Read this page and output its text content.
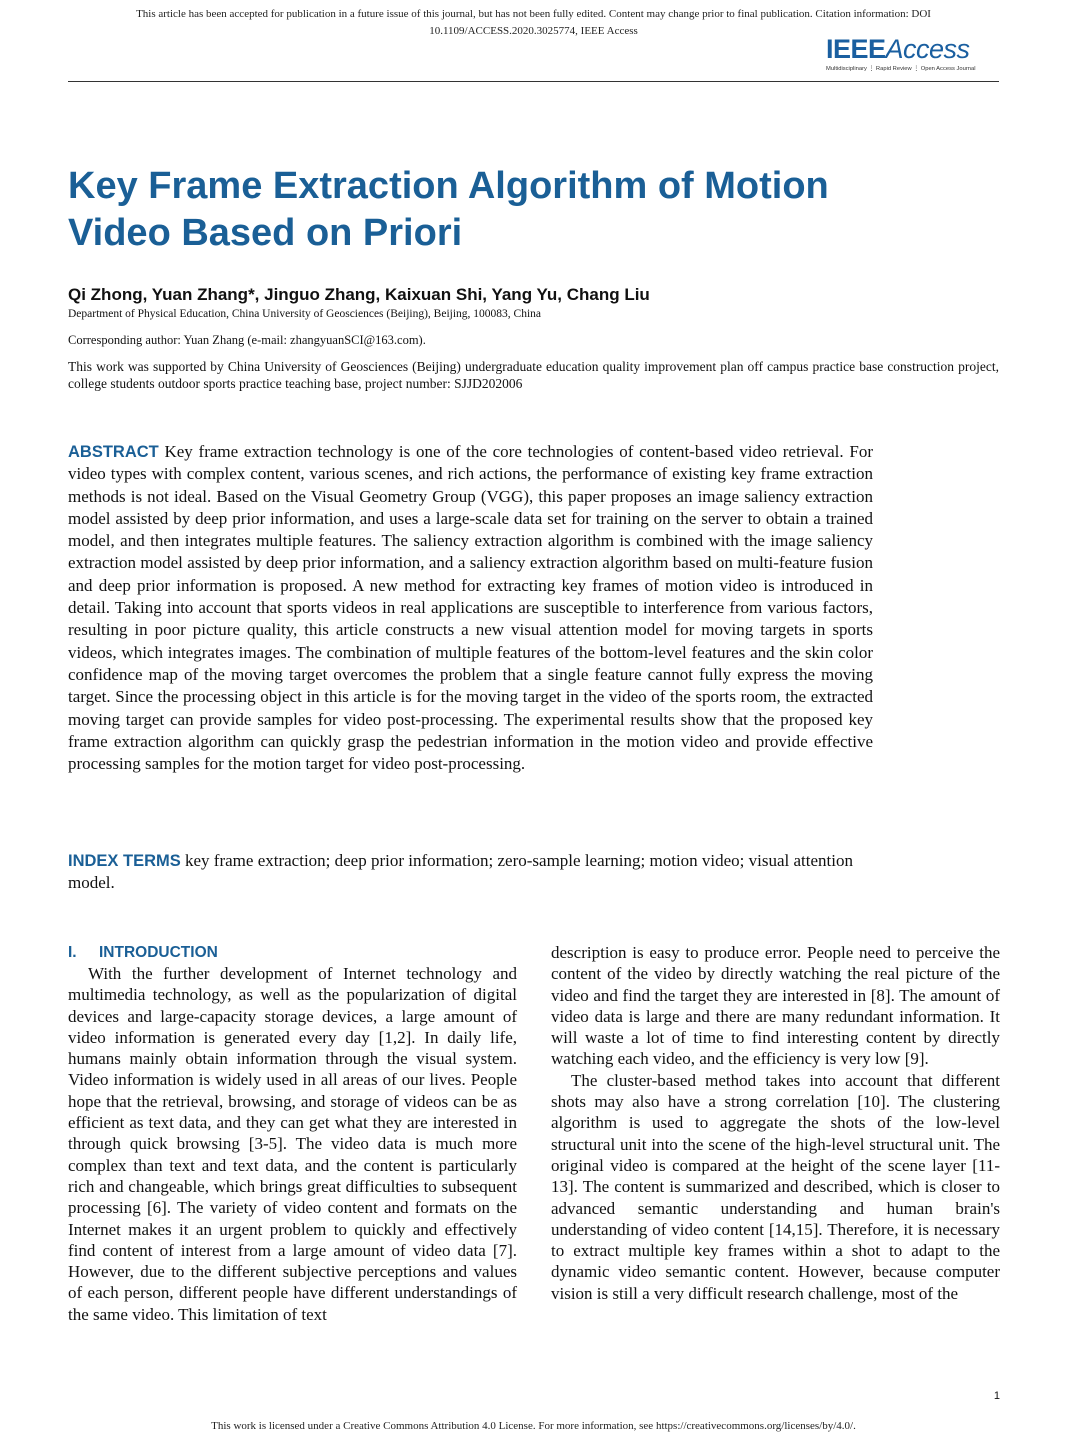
This article has been accepted for publication in a future issue of this journal, but has not been fully edited. Content may change prior to final publication. Citation information: DOI
10.1109/ACCESS.2020.3025774, IEEE Access
IEEEAccess
Multidisciplinary ⋮ Rapid Review ⋮ Open Access Journal
Key Frame Extraction Algorithm of Motion
Video Based on Priori
Qi Zhong, Yuan Zhang*, Jinguo Zhang, Kaixuan Shi, Yang Yu, Chang Liu
Department of Physical Education, China University of Geosciences (Beijing), Beijing, 100083, China
Corresponding author: Yuan Zhang (e-mail: zhangyuanSCI@163.com).
This work was supported by China University of Geosciences (Beijing) undergraduate education quality improvement plan off campus practice base construction project, college students outdoor sports practice teaching base, project number: SJJD202006
ABSTRACT Key frame extraction technology is one of the core technologies of content-based video retrieval. For video types with complex content, various scenes, and rich actions, the performance of existing key frame extraction methods is not ideal. Based on the Visual Geometry Group (VGG), this paper proposes an image saliency extraction model assisted by deep prior information, and uses a large-scale data set for training on the server to obtain a trained model, and then integrates multiple features. The saliency extraction algorithm is combined with the image saliency extraction model assisted by deep prior information, and a saliency extraction algorithm based on multi-feature fusion and deep prior information is proposed. A new method for extracting key frames of motion video is introduced in detail. Taking into account that sports videos in real applications are susceptible to interference from various factors, resulting in poor picture quality, this article constructs a new visual attention model for moving targets in sports videos, which integrates images. The combination of multiple features of the bottom-level features and the skin color confidence map of the moving target overcomes the problem that a single feature cannot fully express the moving target. Since the processing object in this article is for the moving target in the video of the sports room, the extracted moving target can provide samples for video post-processing. The experimental results show that the proposed key frame extraction algorithm can quickly grasp the pedestrian information in the motion video and provide effective processing samples for the motion target for video post-processing.
INDEX TERMS key frame extraction; deep prior information; zero-sample learning; motion video; visual attention model.
I. INTRODUCTION

With the further development of Internet technology and multimedia technology, as well as the popularization of digital devices and large-capacity storage devices, a large amount of video information is generated every day [1,2]. In daily life, humans mainly obtain information through the visual system. Video information is widely used in all areas of our lives. People hope that the retrieval, browsing, and storage of videos can be as efficient as text data, and they can get what they are interested in through quick browsing [3-5]. The video data is much more complex than text and text data, and the content is particularly rich and changeable, which brings great difficulties to subsequent processing [6]. The variety of video content and formats on the Internet makes it an urgent problem to quickly and effectively find content of interest from a large amount of video data [7]. However, due to the different subjective perceptions and values of each person, different people have different understandings of the same video. This limitation of text

description is easy to produce error. People need to perceive the content of the video by directly watching the real picture of the video and find the target they are interested in [8]. The amount of video data is large and there are many redundant information. It will waste a lot of time to find interesting content by directly watching each video, and the efficiency is very low [9].

The cluster-based method takes into account that different shots may also have a strong correlation [10]. The clustering algorithm is used to aggregate the shots of the low-level structural unit into the scene of the high-level structural unit. The original video is compared at the height of the scene layer [11-13]. The content is summarized and described, which is closer to advanced semantic understanding and human brain's understanding of video content [14,15]. Therefore, it is necessary to extract multiple key frames within a shot to adapt to the dynamic video semantic content. However, because computer vision is still a very difficult research challenge, most of the

1
This work is licensed under a Creative Commons Attribution 4.0 License. For more information, see https://creativecommons.org/licenses/by/4.0/.
